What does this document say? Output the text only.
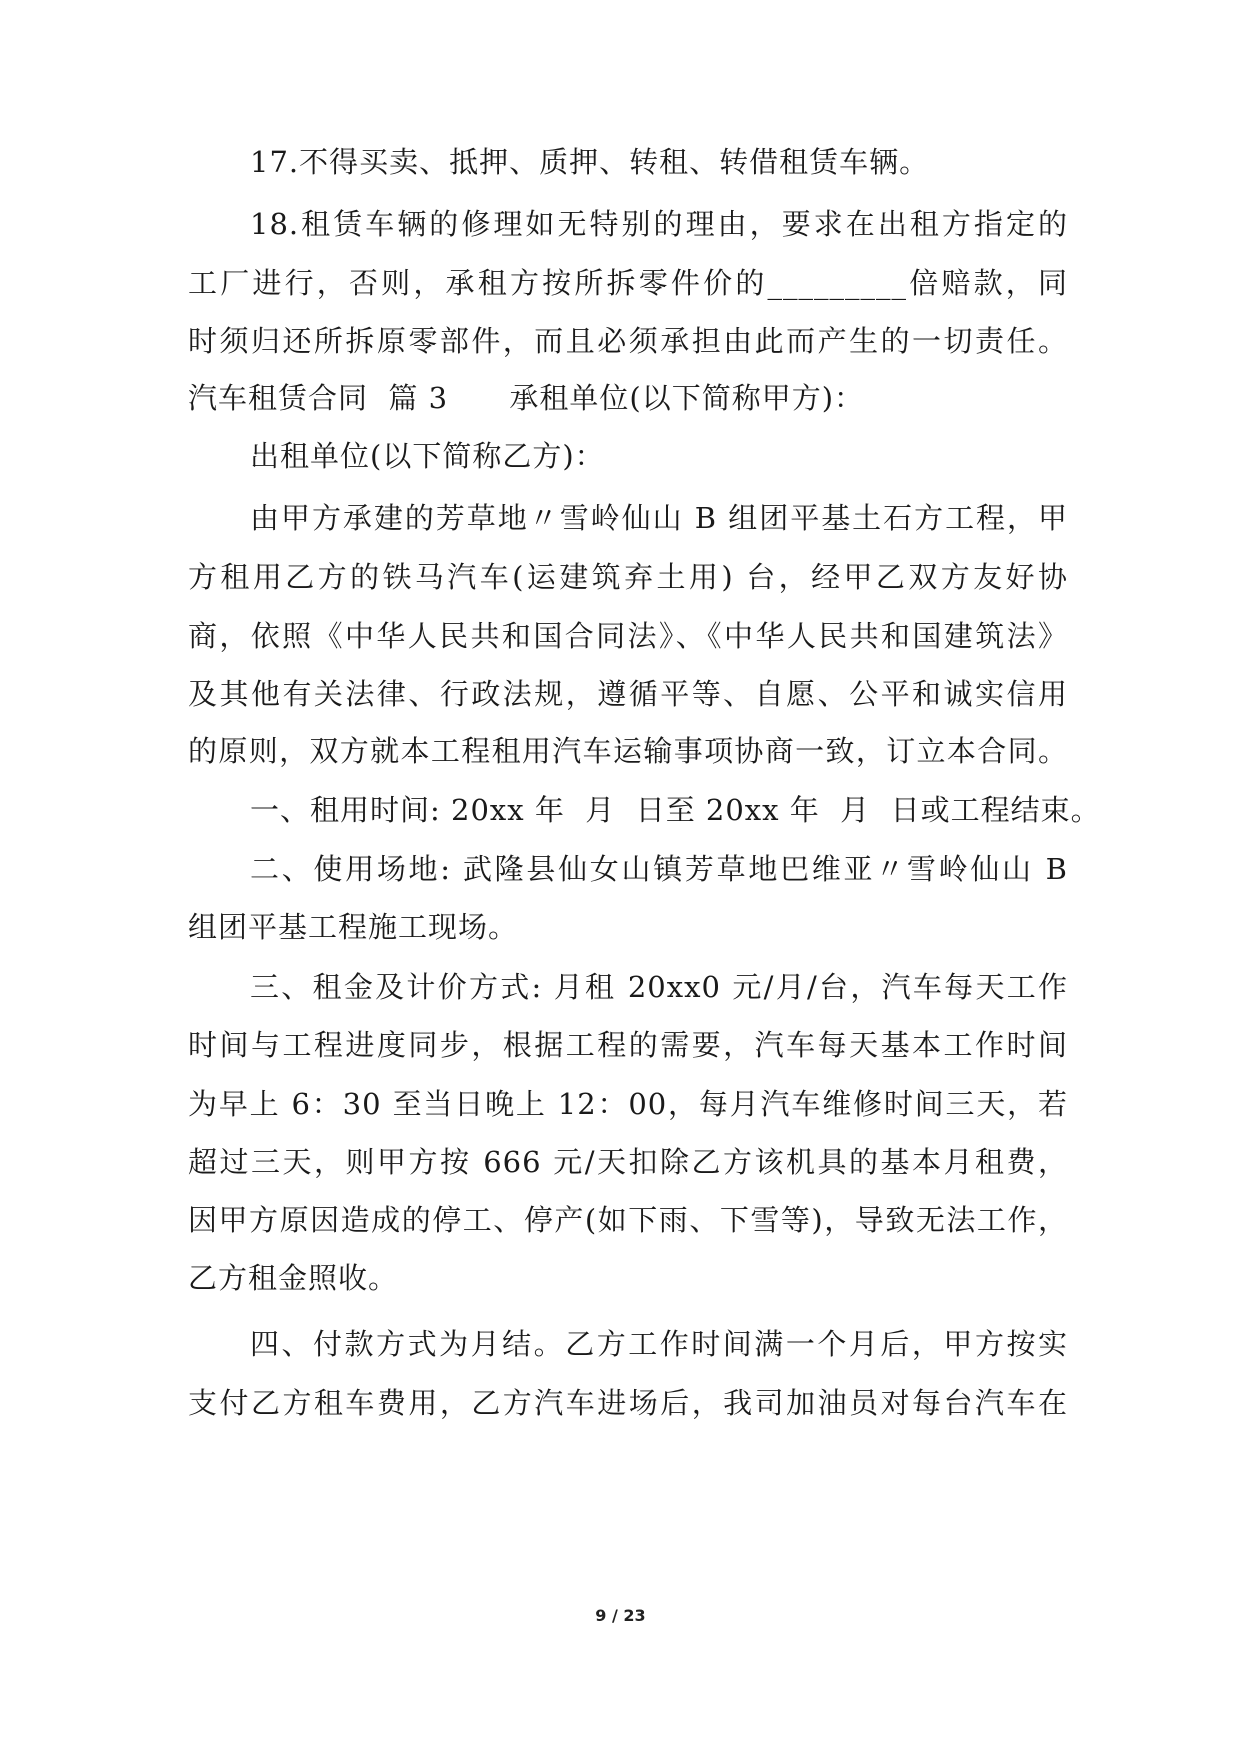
17.不得买卖、抵押、质押、转租、转借租赁车辆。
18.租赁车辆的修理如无特别的理由，要求在出租方指定的
工厂进行，否则，承租方按所拆零件价的_________倍赔款，同
时须归还所拆原零部件，而且必须承担由此而产生的一切责任。
汽车租赁合同  篇 3      承租单位(以下简称甲方)：
出租单位(以下简称乙方)：
由甲方承建的芳草地〃雪岭仙山 B 组团平基土石方工程，甲
方租用乙方的铁马汽车(运建筑弃土用) 台，经甲乙双方友好协
商，依照《中华人民共和国合同法》、《中华人民共和国建筑法》
及其他有关法律、行政法规，遵循平等、自愿、公平和诚实信用
的原则，双方就本工程租用汽车运输事项协商一致，订立本合同。
一、租用时间: 20xx 年  月  日至 20xx 年  月  日或工程结束。
二、使用场地: 武隆县仙女山镇芳草地巴维亚〃雪岭仙山 B
组团平基工程施工现场。
三、租金及计价方式: 月租 20xx0 元/月/台，汽车每天工作
时间与工程进度同步，根据工程的需要，汽车每天基本工作时间
为早上 6：30 至当日晚上 12：00，每月汽车维修时间三天，若
超过三天，则甲方按 666 元/天扣除乙方该机具的基本月租费，
因甲方原因造成的停工、停产(如下雨、下雪等)，导致无法工作，
乙方租金照收。
四、付款方式为月结。乙方工作时间满一个月后，甲方按实
支付乙方租车费用，乙方汽车进场后，我司加油员对每台汽车在
9 / 23
